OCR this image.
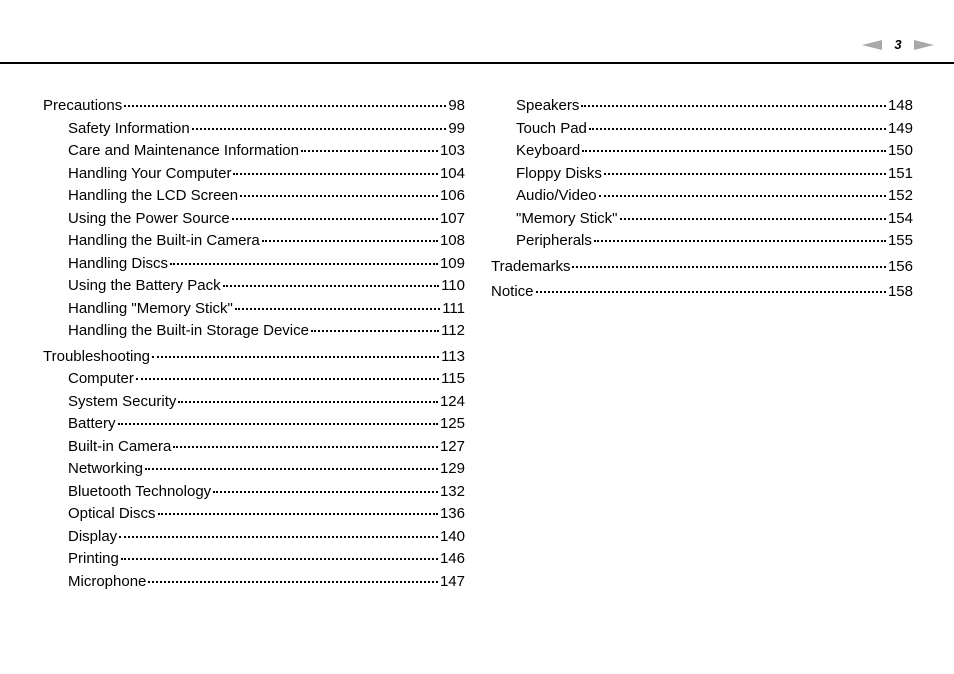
3
Precautions	98
Safety Information	99
Care and Maintenance Information	103
Handling Your Computer	104
Handling the LCD Screen	106
Using the Power Source	107
Handling the Built-in Camera	108
Handling Discs	109
Using the Battery Pack	110
Handling "Memory Stick"	111
Handling the Built-in Storage Device	112
Troubleshooting	113
Computer	115
System Security	124
Battery	125
Built-in Camera	127
Networking	129
Bluetooth Technology	132
Optical Discs	136
Display	140
Printing	146
Microphone	147
Speakers	148
Touch Pad	149
Keyboard	150
Floppy Disks	151
Audio/Video	152
"Memory Stick"	154
Peripherals	155
Trademarks	156
Notice	158
